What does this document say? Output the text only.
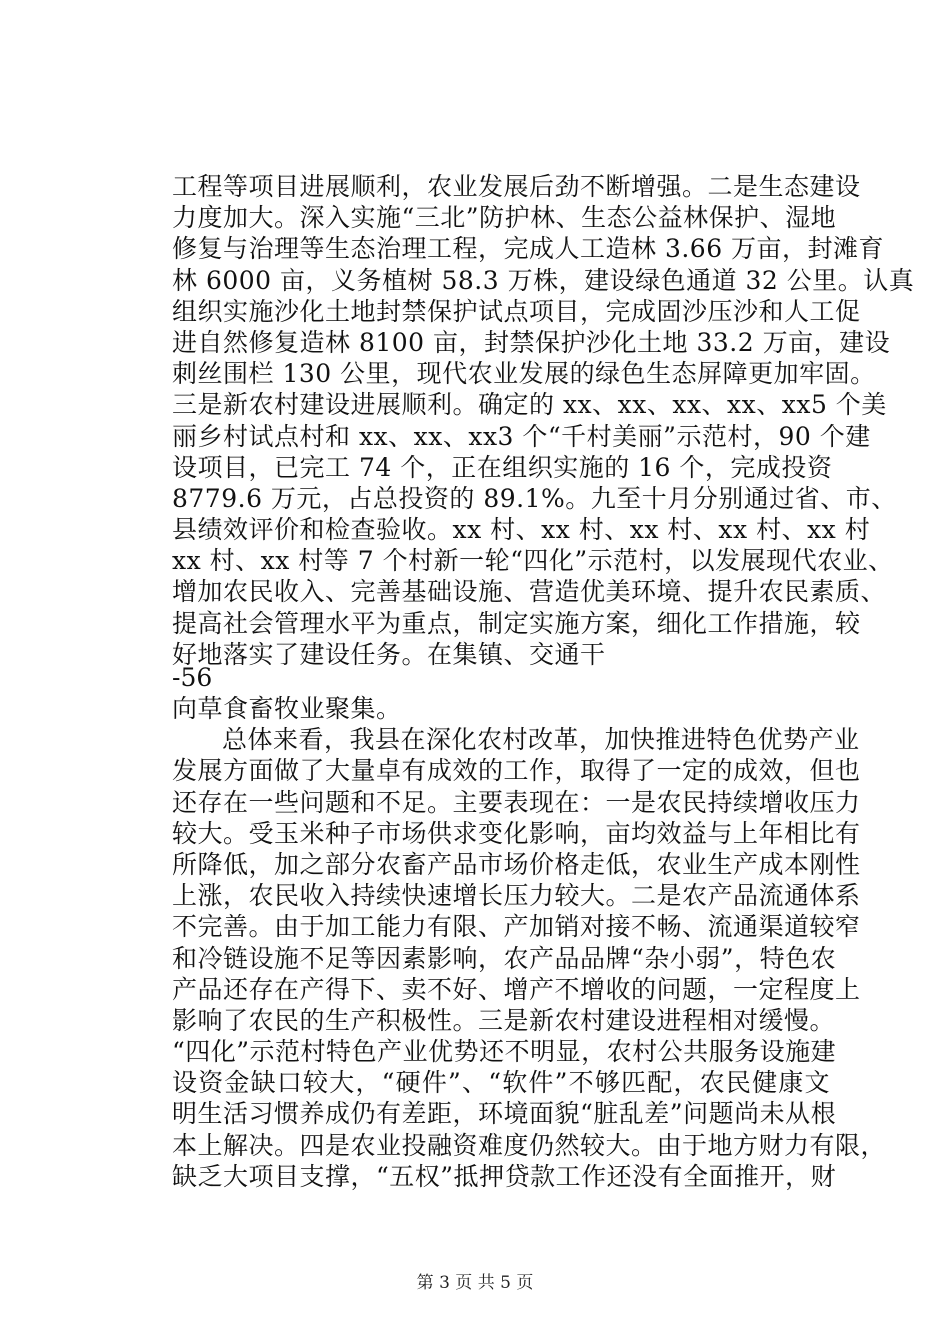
工程等项目进展顺利，农业发展后劲不断增强。二是生态建设
力度加大。深入实施“三北”防护林、生态公益林保护、湿地
修复与治理等生态治理工程，完成人工造林 3.66 万亩，封滩育
林 6000 亩，义务植树 58.3 万株，建设绿色通道 32 公里。认真
组织实施沙化土地封禁保护试点项目，完成固沙压沙和人工促
进自然修复造林 8100 亩，封禁保护沙化土地 33.2 万亩，建设
刺丝围栏 130 公里，现代农业发展的绿色生态屏障更加牢固。
三是新农村建设进展顺利。确定的 xx、xx、xx、xx、xx5 个美
丽乡村试点村和 xx、xx、xx3 个“千村美丽”示范村，90 个建
设项目，已完工 74 个，正在组织实施的 16 个，完成投资
8779.6 万元，占总投资的 89.1%。九至十月分别通过省、市、
县绩效评价和检查验收。xx 村、xx 村、xx 村、xx 村、xx 村
xx 村、xx 村等 7 个村新一轮“四化”示范村，以发展现代农业、
增加农民收入、完善基础设施、营造优美环境、提升农民素质、
提高社会管理水平为重点，制定实施方案，细化工作措施，较
好地落实了建设任务。在集镇、交通干
-56
向草食畜牧业聚集。
总体来看，我县在深化农村改革，加快推进特色优势产业
发展方面做了大量卓有成效的工作，取得了一定的成效，但也
还存在一些问题和不足。主要表现在：一是农民持续增收压力
较大。受玉米种子市场供求变化影响，亩均效益与上年相比有
所降低，加之部分农畜产品市场价格走低，农业生产成本刚性
上涨，农民收入持续快速增长压力较大。二是农产品流通体系
不完善。由于加工能力有限、产加销对接不畅、流通渠道较窄
和冷链设施不足等因素影响，农产品品牌“杂小弱”，特色农
产品还存在产得下、卖不好、增产不增收的问题，一定程度上
影响了农民的生产积极性。三是新农村建设进程相对缓慢。
“四化”示范村特色产业优势还不明显，农村公共服务设施建
设资金缺口较大，“硬件”、“软件”不够匹配，农民健康文
明生活习惯养成仍有差距，环境面貌“脏乱差”问题尚未从根
本上解决。四是农业投融资难度仍然较大。由于地方财力有限，
缺乏大项目支撑，“五权”抵押贷款工作还没有全面推开，财
第 3 页 共 5 页
